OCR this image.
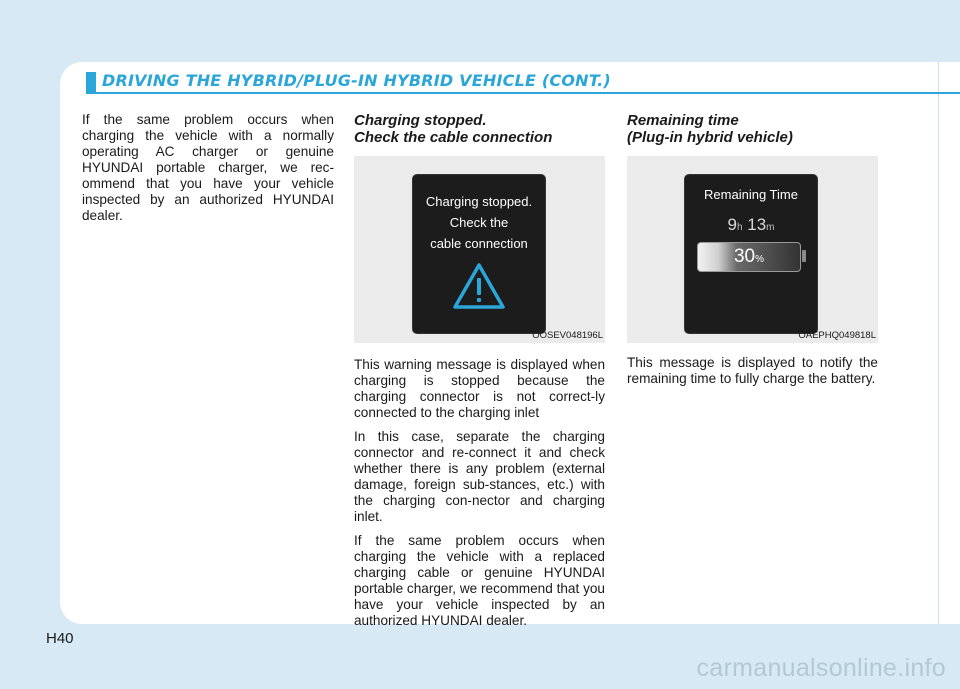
DRIVING THE HYBRID/PLUG-IN HYBRID VEHICLE (CONT.)

If the same problem occurs when charging the vehicle with a normally operating AC charger or genuine HYUNDAI portable charger, we rec-ommend that you have your vehicle inspected by an authorized HYUNDAI dealer.

Charging stopped.
Check the cable connection
Charging stopped.
Check the
cable connection
OOSEV048196L

This warning message is displayed when charging is stopped because the charging connector is not correct-ly connected to the charging inlet

In this case, separate the charging connector and re-connect it and check whether there is any problem (external damage, foreign sub-stances, etc.) with the charging con-nector and charging inlet.

If the same problem occurs when charging the vehicle with a replaced charging cable or genuine HYUNDAI portable charger, we recommend that you have your vehicle inspected by an authorized HYUNDAI dealer.

Remaining time
(Plug-in hybrid vehicle)
Remaining Time
9h 13m
30%
OAEPHQ049818L

This message is displayed to notify the remaining time to fully charge the battery.

H40
carmanualsonline.info
